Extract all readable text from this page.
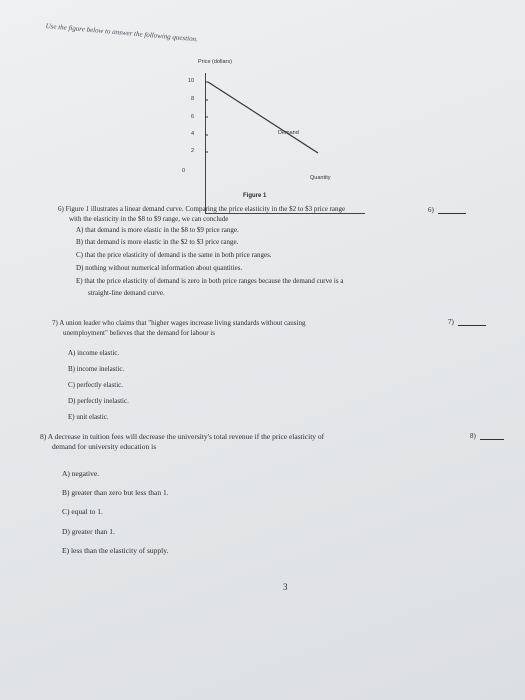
Use the figure below to answer the following question.
Price (dollars)
10
8
6
4
2
0
Demand
Quantity
Figure 1
6) Figure 1 illustrates a linear demand curve. Comparing the price elasticity in the $2 to $3 price range
with the elasticity in the $8 to $9 range, we can conclude
6)
A) that demand is more elastic in the $8 to $9 price range.
B) that demand is more elastic in the $2 to $3 price range.
C) that the price elasticity of demand is the same in both price ranges.
D) nothing without numerical information about quantities.
E) that the price elasticity of demand is zero in both price ranges because the demand curve is a
straight-line demand curve.
7) A union leader who claims that "higher wages increase living standards without causing
unemployment" believes that the demand for labour is
7)
A) income elastic.
B) income inelastic.
C) perfectly elastic.
D) perfectly inelastic.
E) unit elastic.
8) A decrease in tuition fees will decrease the university's total revenue if the price elasticity of
demand for university education is
8)
A) negative.
B) greater than zero but less than 1.
C) equal to 1.
D) greater than 1.
E) less than the elasticity of supply.
3
